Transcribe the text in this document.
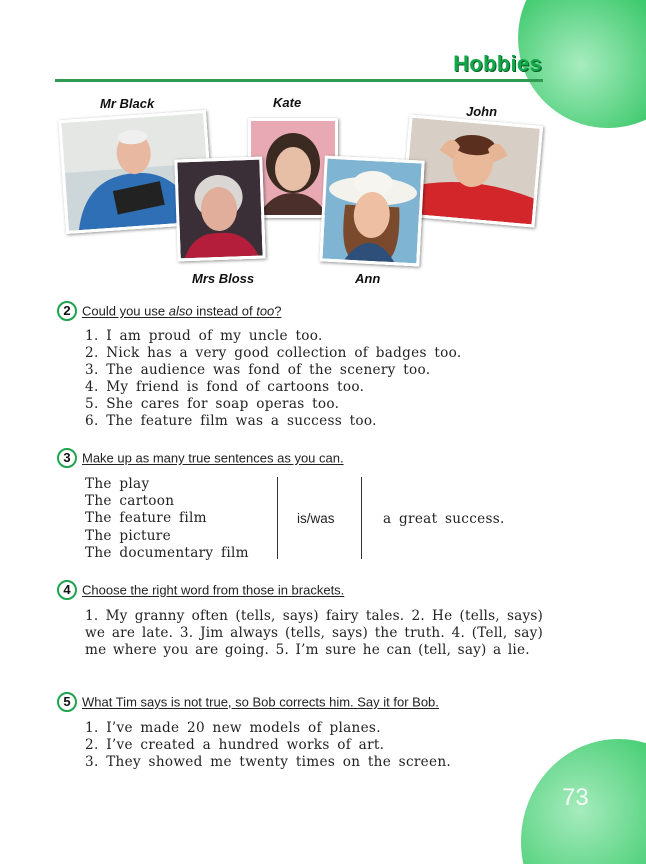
Hobbies
Mr Black	Kate
John
Mrs Bloss	Ann
2 Could you use also instead of too?
1. I am proud of my uncle too.
2. Nick has a very good collection of badges too.
3. The audience was fond of the scenery too.
4. My friend is fond of cartoons too.
5. She cares for soap operas too.
6. The feature film was a success too.
3 Make up as many true sentences as you can.
The play
The cartoon
The feature film
The picture
The documentary film
is/was	a great success.
4 Choose the right word from those in brackets.
1. My granny often (tells, says) fairy tales. 2. He (tells, says) we are late. 3. Jim always (tells, says) the truth. 4. (Tell, say) me where you are going. 5. I’m sure he can (tell, say) a lie.
5 What Tim says is not true, so Bob corrects him. Say it for Bob.
1. I’ve made 20 new models of planes.
2. I’ve created a hundred works of art.
3. They showed me twenty times on the screen.
73
